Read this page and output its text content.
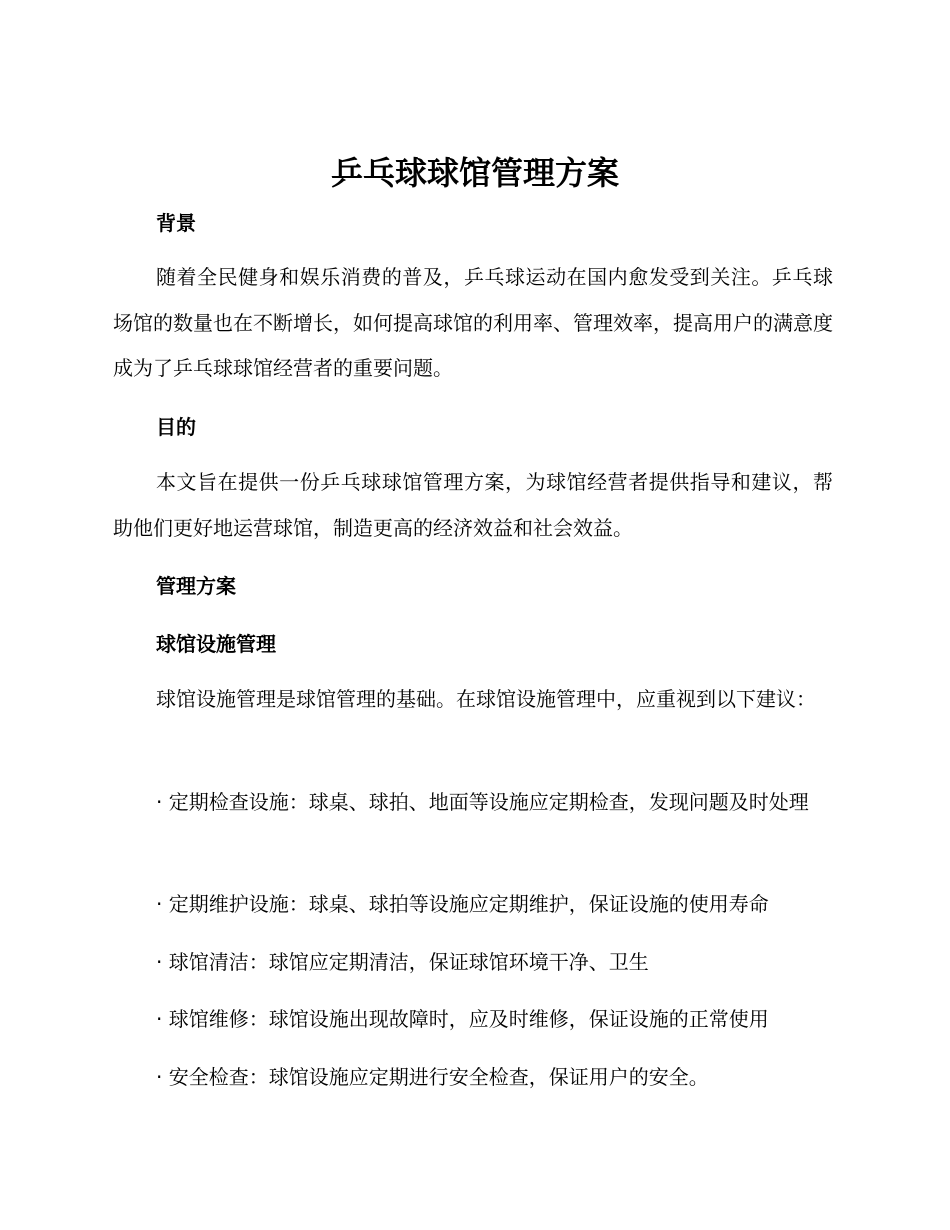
乒乓球球馆管理方案
背景
随着全民健身和娱乐消费的普及，乒乓球运动在国内愈发受到关注。乒乓球场馆的数量也在不断增长，如何提高球馆的利用率、管理效率，提高用户的满意度成为了乒乓球球馆经营者的重要问题。
目的
本文旨在提供一份乒乓球球馆管理方案，为球馆经营者提供指导和建议，帮助他们更好地运营球馆，制造更高的经济效益和社会效益。
管理方案
球馆设施管理
球馆设施管理是球馆管理的基础。在球馆设施管理中，应重视到以下建议：
· 定期检查设施：球桌、球拍、地面等设施应定期检查，发现问题及时处理
· 定期维护设施：球桌、球拍等设施应定期维护，保证设施的使用寿命
· 球馆清洁：球馆应定期清洁，保证球馆环境干净、卫生
· 球馆维修：球馆设施出现故障时，应及时维修，保证设施的正常使用
· 安全检查：球馆设施应定期进行安全检查，保证用户的安全。
